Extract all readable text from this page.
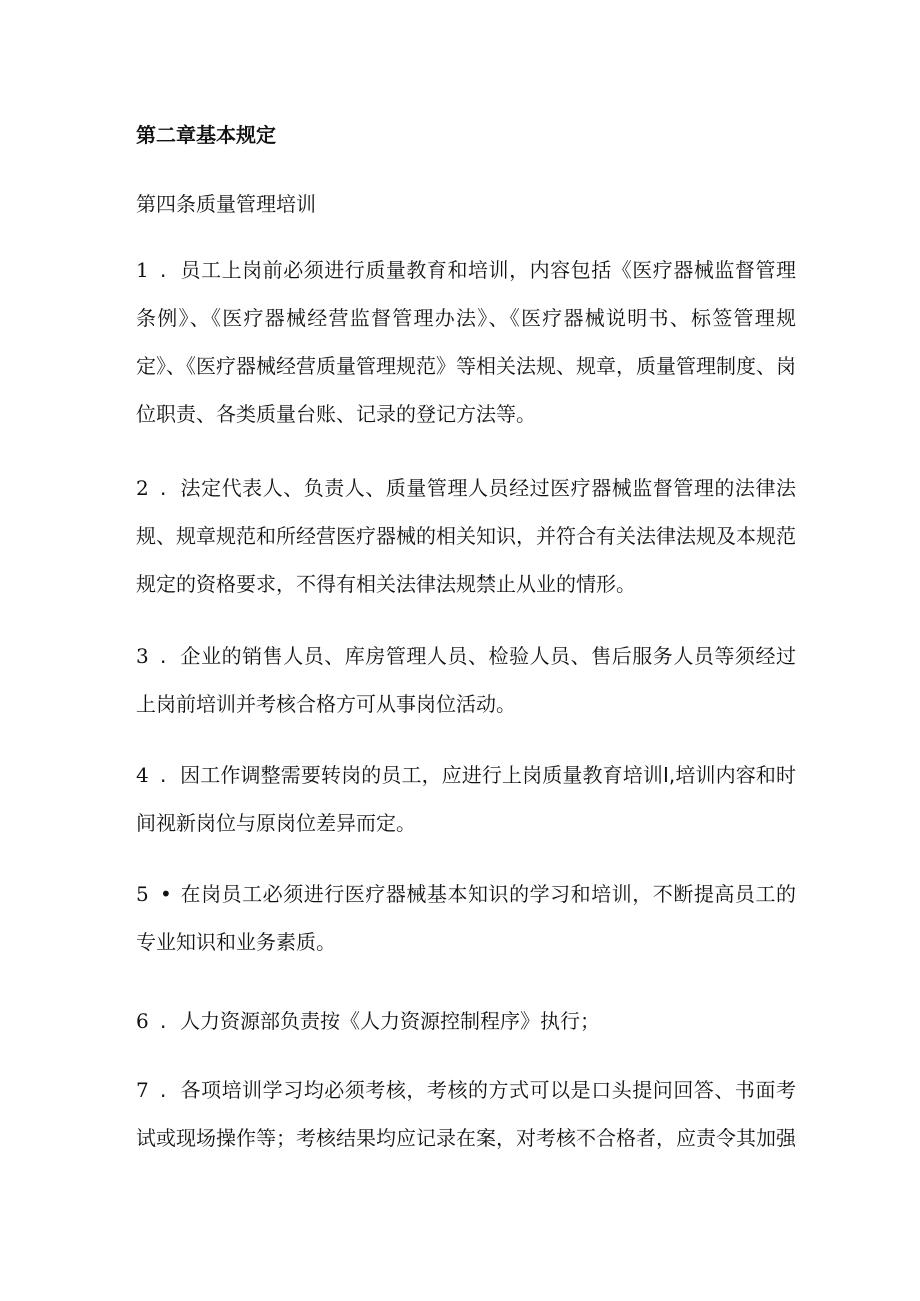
第二章基本规定
第四条质量管理培训

1 . 员工上岗前必须进行质量教育和培训，内容包括《医疗器械监督管理条例》、《医疗器械经营监督管理办法》、《医疗器械说明书、标签管理规定》、《医疗器械经营质量管理规范》等相关法规、规章，质量管理制度、岗位职责、各类质量台账、记录的登记方法等。

2 . 法定代表人、负责人、质量管理人员经过医疗器械监督管理的法律法规、规章规范和所经营医疗器械的相关知识，并符合有关法律法规及本规范规定的资格要求，不得有相关法律法规禁止从业的情形。

3 . 企业的销售人员、库房管理人员、检验人员、售后服务人员等须经过上岗前培训并考核合格方可从事岗位活动。

4 . 因工作调整需要转岗的员工，应进行上岗质量教育培训I,培训内容和时间视新岗位与原岗位差异而定。

5 • 在岗员工必须进行医疗器械基本知识的学习和培训，不断提高员工的专业知识和业务素质。

6 . 人力资源部负责按《人力资源控制程序》执行；

7 . 各项培训学习均必须考核，考核的方式可以是口头提问回答、书面考试或现场操作等；考核结果均应记录在案，对考核不合格者，应责令其加强
